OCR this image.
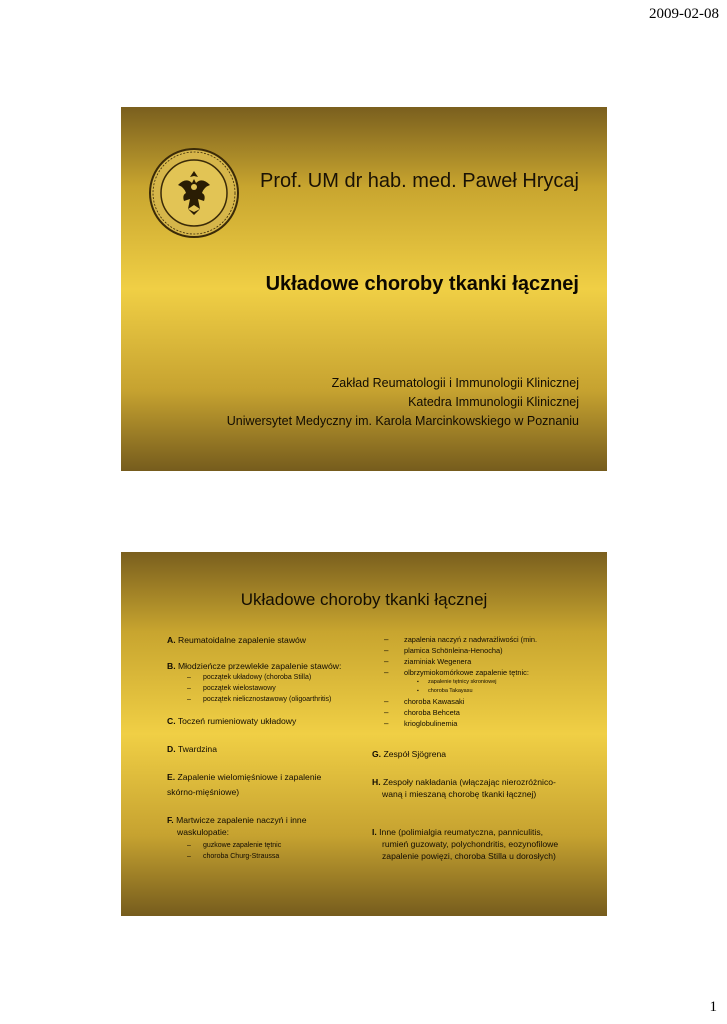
2009-02-08
Prof. UM dr hab. med. Paweł Hrycaj
Układowe choroby tkanki łącznej
Zakład Reumatologii i Immunologii Klinicznej
Katedra Immunologii Klinicznej
Uniwersytet Medyczny im. Karola Marcinkowskiego w Poznaniu
Układowe choroby tkanki łącznej
A. Reumatoidalne zapalenie stawów
B. Młodzieńcze przewlekłe zapalenie stawów:
– początek układowy (choroba Stilla)
– początek wielostawowy
– początek nielicznostawowy (oligoarthritis)
C. Toczeń rumieniowaty układowy
D. Twardzina
E. Zapalenie wielomięśniowe i zapalenie
skórno-mięśniowe)
F. Martwicze zapalenie naczyń i inne
waskulopatie:
– guzkowe zapalenie tętnic
– choroba Churg-Straussa
– zapalenia naczyń z nadwrażliwości (min.
– plamica Schönleina-Henocha)
– ziarniniak Wegenera
– olbrzymiokomórkowe zapalenie tętnic:
▪ zapalenie tętnicy skroniowej
▪ choroba Takayasu
– choroba Kawasaki
– choroba Behceta
– krioglobulinemia
G. Zespół Sjögrena
H. Zespoły nakładania (włączając nierozróżnico-
waną i mieszaną chorobę tkanki łącznej)
I. Inne (polimialgia reumatyczna, panniculitis,
rumień guzowaty, polychondritis, eozynofilowe
zapalenie powięzi, choroba Stilla u dorosłych)
1
